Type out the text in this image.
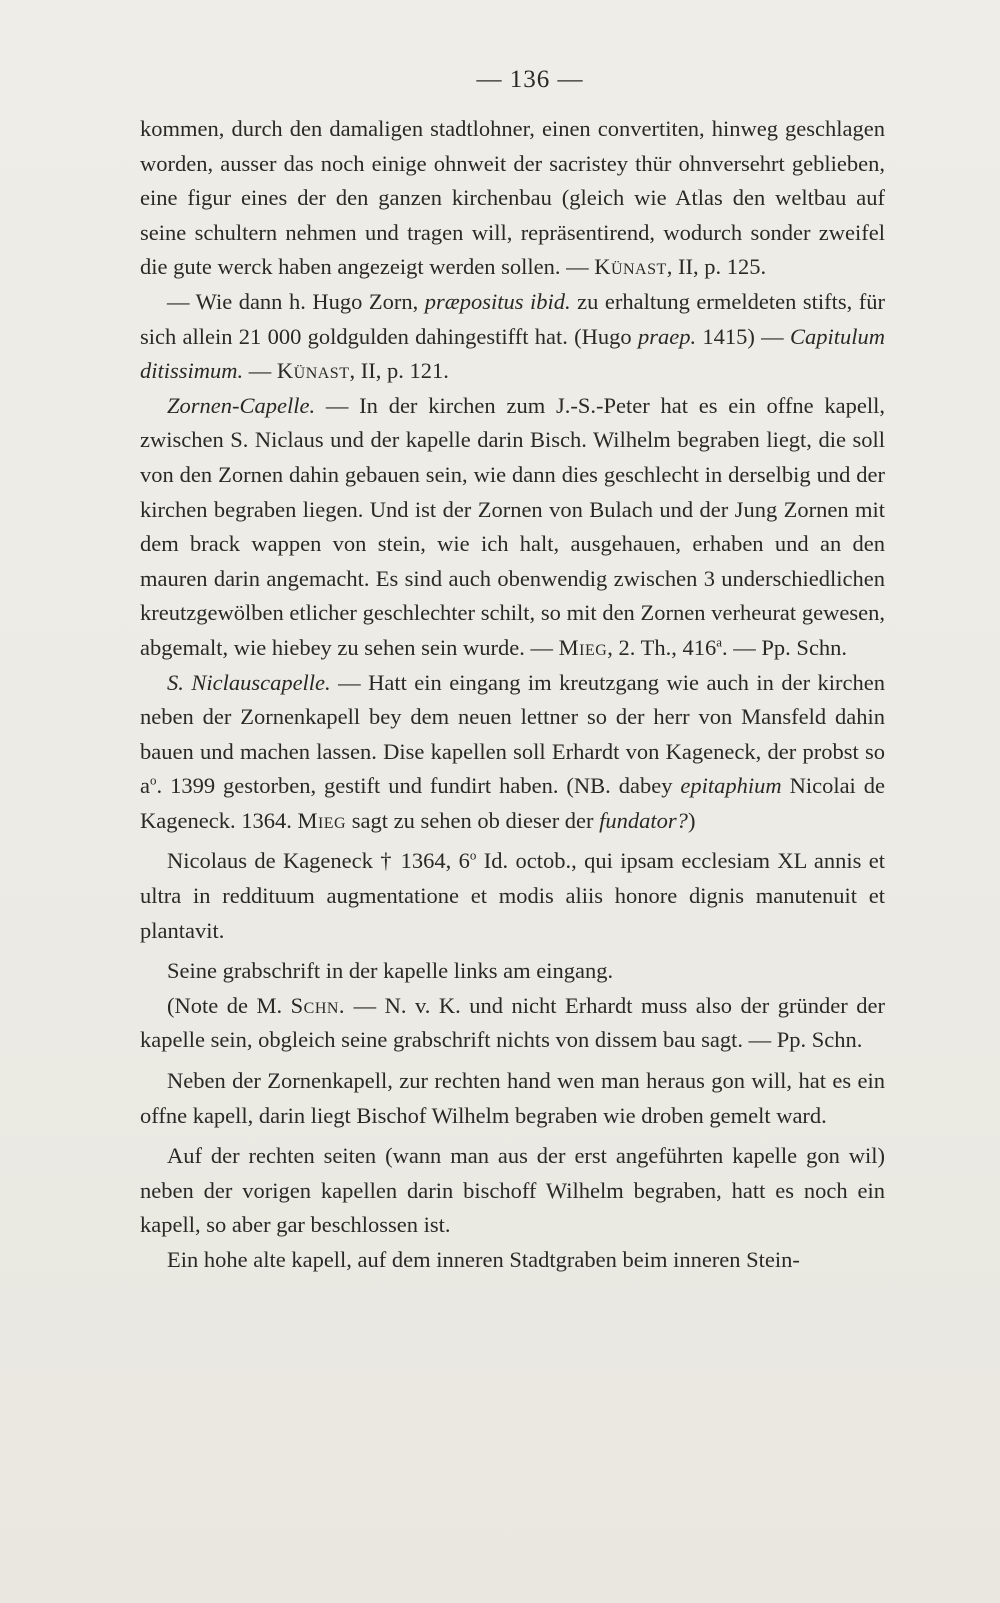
— 136 —

kommen, durch den damaligen stadtlohner, einen convertiten, hinweg geschlagen worden, ausser das noch einige ohnweit der sacristey thür ohnversehrt geblieben, eine figur eines der den ganzen kirchenbau (gleich wie Atlas den weltbau auf seine schultern nehmen und tragen will, repräsentirend, wodurch sonder zweifel die gute werck haben angezeigt werden sollen. — Künast, II, p. 125.

— Wie dann h. Hugo Zorn, præpositus ibid. zu erhaltung ermeldeten stifts, für sich allein 21 000 goldgulden dahingestifft hat. (Hugo praep. 1415) — Capitulum ditissimum. — Künast, II, p. 121.

Zornen-Capelle. — In der kirchen zum J.-S.-Peter hat es ein offne kapell, zwischen S. Niclaus und der kapelle darin Bisch. Wilhelm begraben liegt, die soll von den Zornen dahin gebauen sein, wie dann dies geschlecht in derselbig und der kirchen begraben liegen. Und ist der Zornen von Bulach und der Jung Zornen mit dem brack wappen von stein, wie ich halt, ausgehauen, erhaben und an den mauren darin angemacht. Es sind auch obenwendig zwischen 3 underschiedlichen kreutzgewölben etlicher geschlechter schilt, so mit den Zornen verheurat gewesen, abgemalt, wie hiebey zu sehen sein wurde. — Mieg, 2. Th., 416$^a$. — Pp. Schn.

S. Niclauscapelle. — Hatt ein eingang im kreutzgang wie auch in der kirchen neben der Zornenkapell bey dem neuen lettner so der herr von Mansfeld dahin bauen und machen lassen. Dise kapellen soll Erhardt von Kageneck, der probst so $a^o$. 1399 gestorben, gestift und fundirt haben. (NB. dabey epitaphium Nicolai de Kageneck. 1364. Mieg sagt zu sehen ob dieser der fundator?)

Nicolaus de Kageneck † 1364, 6$^o$ Id. octob., qui ipsam ecclesiam XL annis et ultra in reddituum augmentatione et modis aliis honore dignis manutenuit et plantavit.

Seine grabschrift in der kapelle links am eingang.

(Note de M. Schn. — N. v. K. und nicht Erhardt muss also der gründer der kapelle sein, obgleich seine grabschrift nichts von dissem bau sagt. — Pp. Schn.

Neben der Zornenkapell, zur rechten hand wen man heraus gon will, hat es ein offne kapell, darin liegt Bischof Wilhelm begraben wie droben gemelt ward.

Auf der rechten seiten (wann man aus der erst angeführten kapelle gon wil) neben der vorigen kapellen darin bischoff Wilhelm begraben, hatt es noch ein kapell, so aber gar beschlossen ist.

Ein hohe alte kapell, auf dem inneren Stadtgraben beim inneren Stein-
